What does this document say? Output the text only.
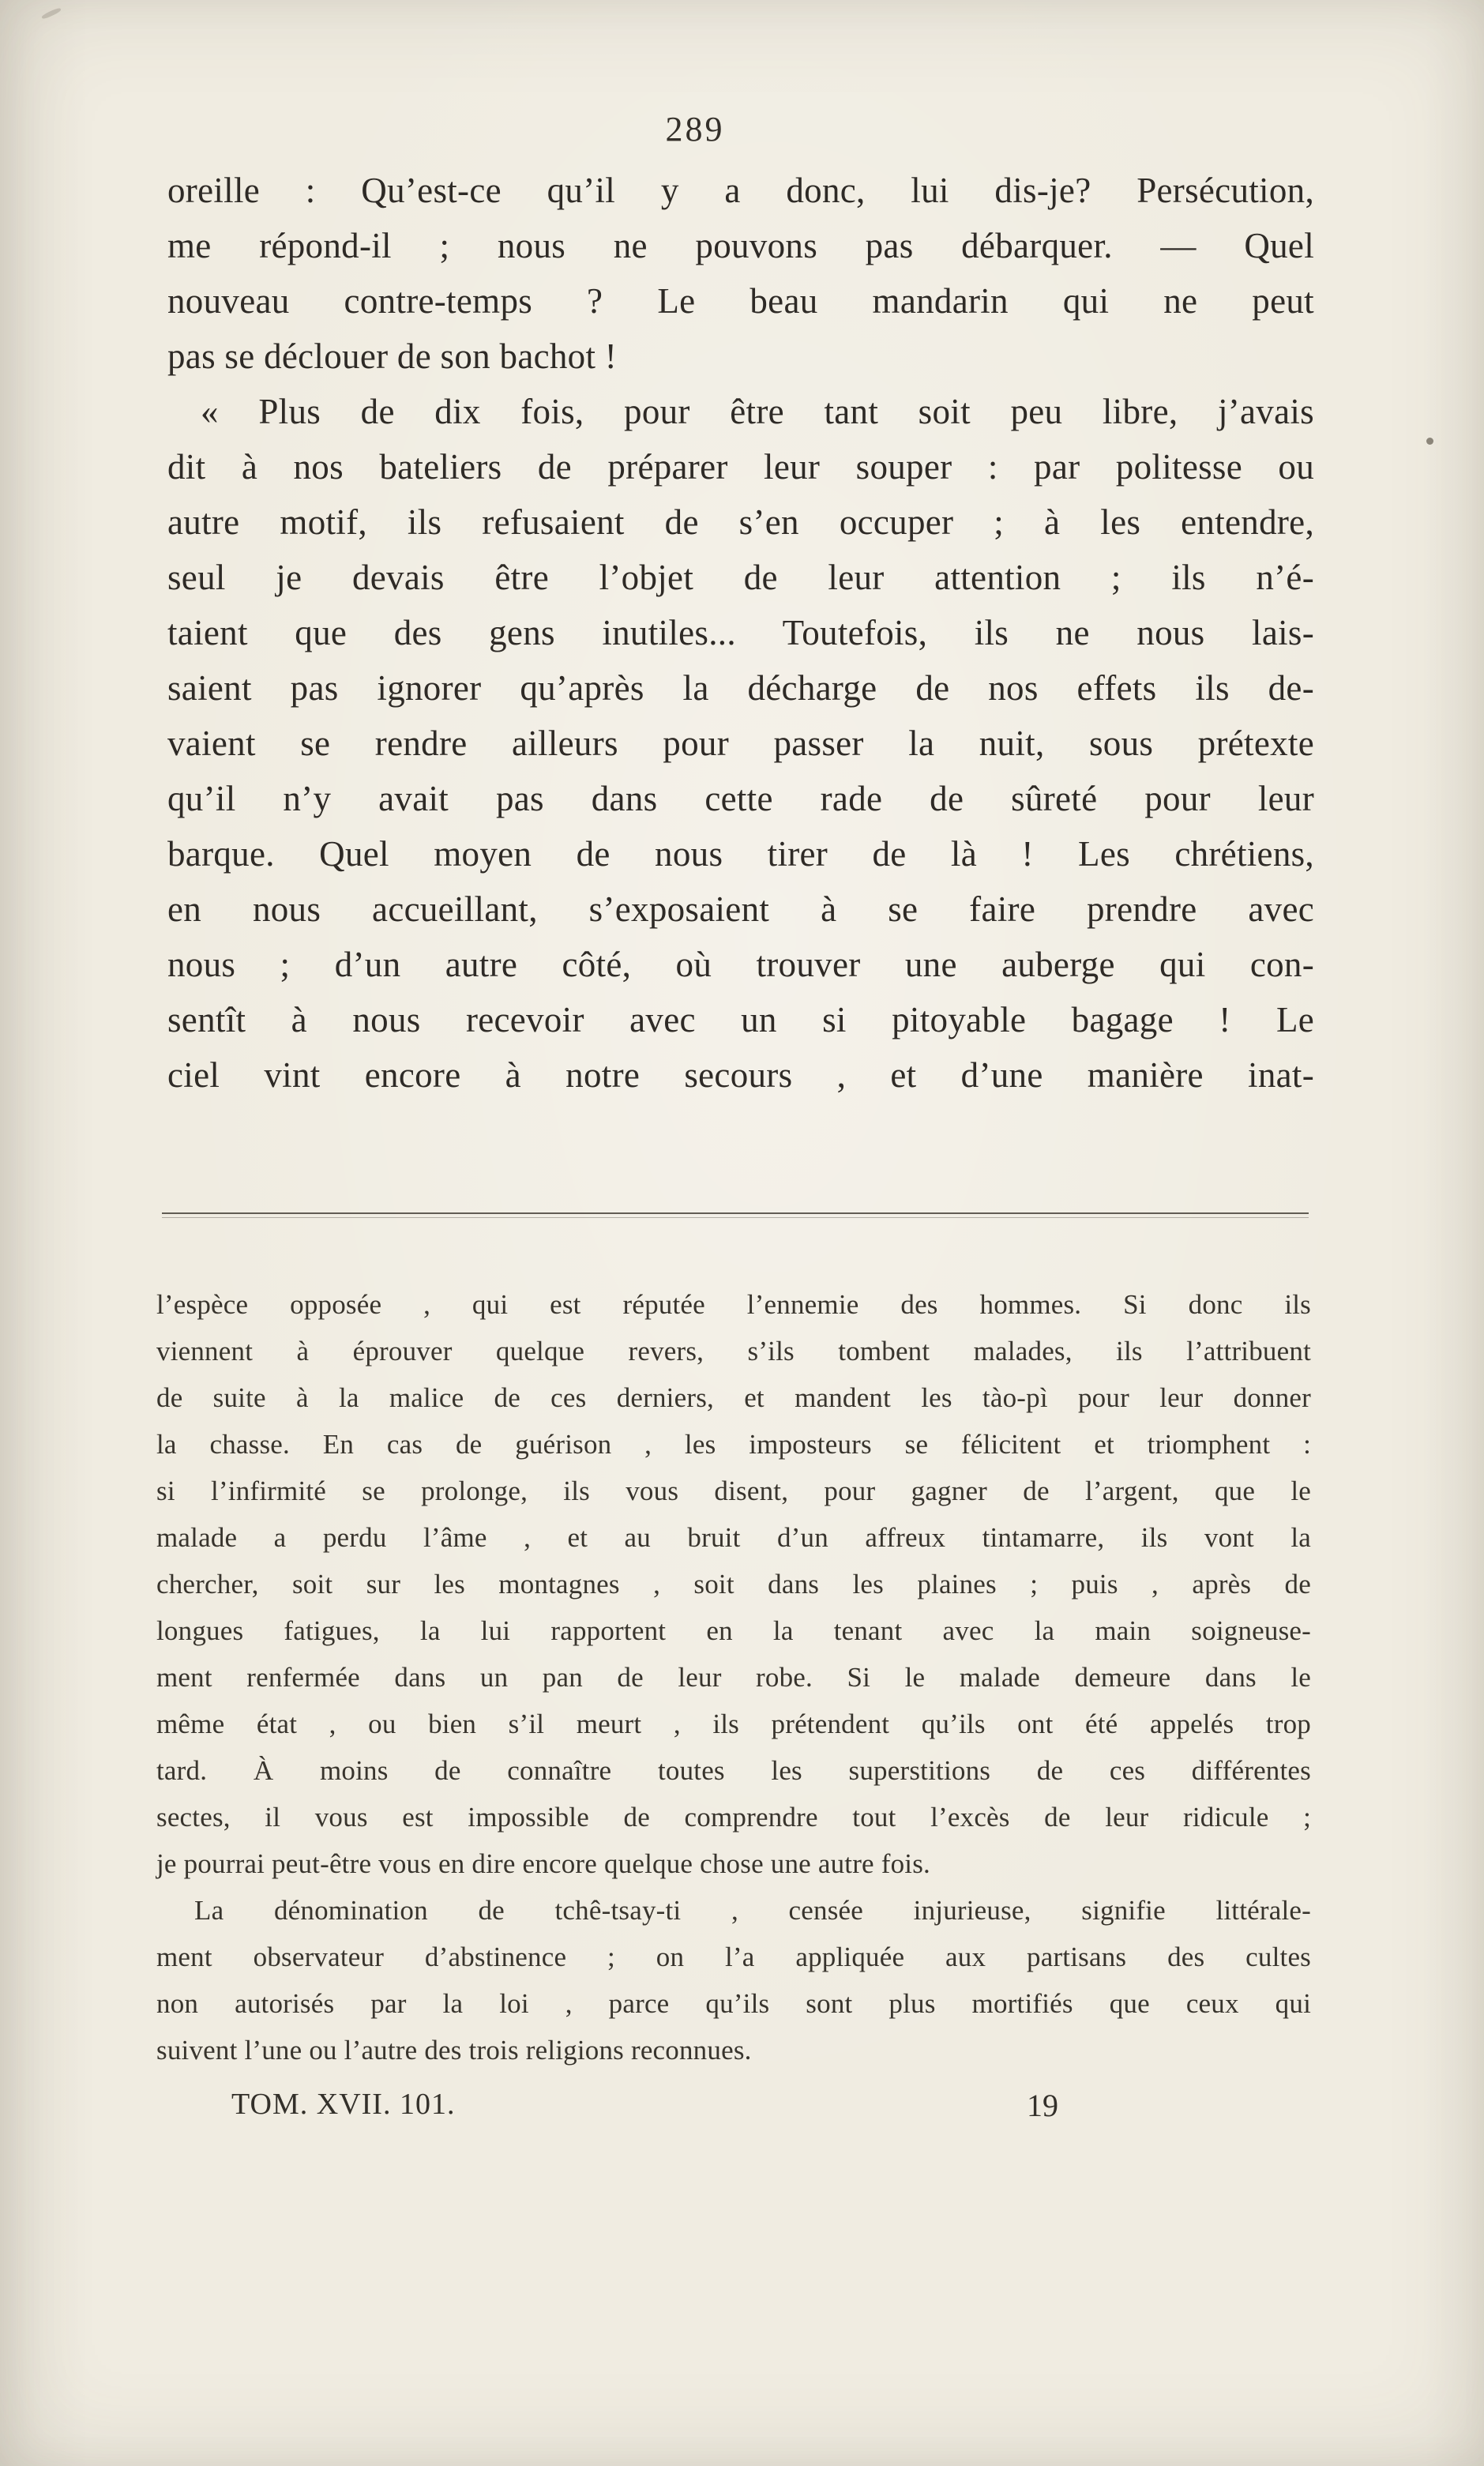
289
oreille : Qu’est-ce qu’il y a donc, lui dis-je? Persécution,
me répond-il ; nous ne pouvons pas débarquer. — Quel
nouveau contre-temps ? Le beau mandarin qui ne peut
pas se déclouer de son bachot !
« Plus de dix fois, pour être tant soit peu libre, j’avais
dit à nos bateliers de préparer leur souper : par politesse ou
autre motif, ils refusaient de s’en occuper ; à les entendre,
seul je devais être l’objet de leur attention ; ils n’é-
taient que des gens inutiles... Toutefois, ils ne nous lais-
saient pas ignorer qu’après la décharge de nos effets ils de-
vaient se rendre ailleurs pour passer la nuit, sous prétexte
qu’il n’y avait pas dans cette rade de sûreté pour leur
barque. Quel moyen de nous tirer de là ! Les chrétiens,
en nous accueillant, s’exposaient à se faire prendre avec
nous ; d’un autre côté, où trouver une auberge qui con-
sentît à nous recevoir avec un si pitoyable bagage ! Le
ciel vint encore à notre secours , et d’une manière inat-
l’espèce opposée , qui est réputée l’ennemie des hommes. Si donc ils
viennent à éprouver quelque revers, s’ils tombent malades, ils l’attribuent
de suite à la malice de ces derniers, et mandent les tào-pì pour leur donner
la chasse. En cas de guérison , les imposteurs se félicitent et triomphent :
si l’infirmité se prolonge, ils vous disent, pour gagner de l’argent, que le
malade a perdu l’âme , et au bruit d’un affreux tintamarre, ils vont la
chercher, soit sur les montagnes , soit dans les plaines ; puis , après de
longues fatigues, la lui rapportent en la tenant avec la main soigneuse-
ment renfermée dans un pan de leur robe. Si le malade demeure dans le
même état , ou bien s’il meurt , ils prétendent qu’ils ont été appelés trop
tard. À moins de connaître toutes les superstitions de ces différentes
sectes, il vous est impossible de comprendre tout l’excès de leur ridicule ;
je pourrai peut-être vous en dire encore quelque chose une autre fois.
La dénomination de tchê-tsay-ti , censée injurieuse, signifie littérale-
ment observateur d’abstinence ; on l’a appliquée aux partisans des cultes
non autorisés par la loi , parce qu’ils sont plus mortifiés que ceux qui
suivent l’une ou l’autre des trois religions reconnues.
TOM. XVII. 101.	19
